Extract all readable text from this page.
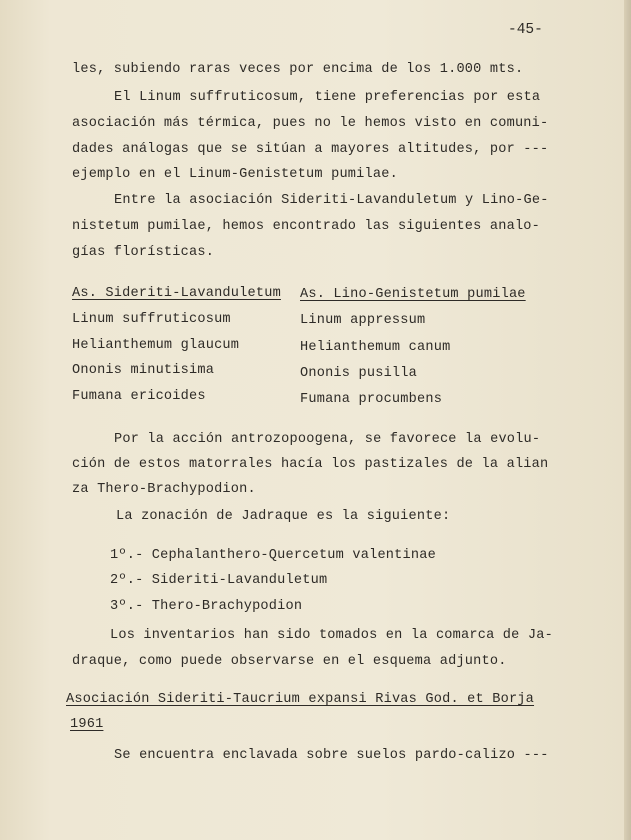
-45-
les, subiendo raras veces por encima de los 1.000 mts.
El Linum suffruticosum, tiene preferencias por esta
asociación más térmica, pues no le hemos visto en comuni-
dades análogas que se sitúan a mayores altitudes, por ---
ejemplo en el Linum-Genistetum pumilae.
Entre la asociación Sideriti-Lavanduletum y Lino-Ge-
nistetum pumilae, hemos encontrado las siguientes analo-
gías florísticas.
As. Sideriti-Lavanduletum As. Lino-Genistetum pumilae
Linum suffruticosum
Helianthemum glaucum
Ononis minutisima
Fumana ericoides
Linum appressum
Helianthemum canum
Ononis pusilla
Fumana procumbens
Por la acción antrozopoogena, se favorece la evolu-
ción de estos matorrales hacía los pastizales de la alian
za Thero-Brachypodion.
La zonación de Jadraque es la siguiente:
1º.- Cephalanthero-Quercetum valentinae
2º.- Sideriti-Lavanduletum
3º.- Thero-Brachypodion
Los inventarios han sido tomados en la comarca de Ja-
draque, como puede observarse en el esquema adjunto.
Asociación Sideriti-Taucrium expansi Rivas God. et Borja
1961
Se encuentra enclavada sobre suelos pardo-calizo ---
